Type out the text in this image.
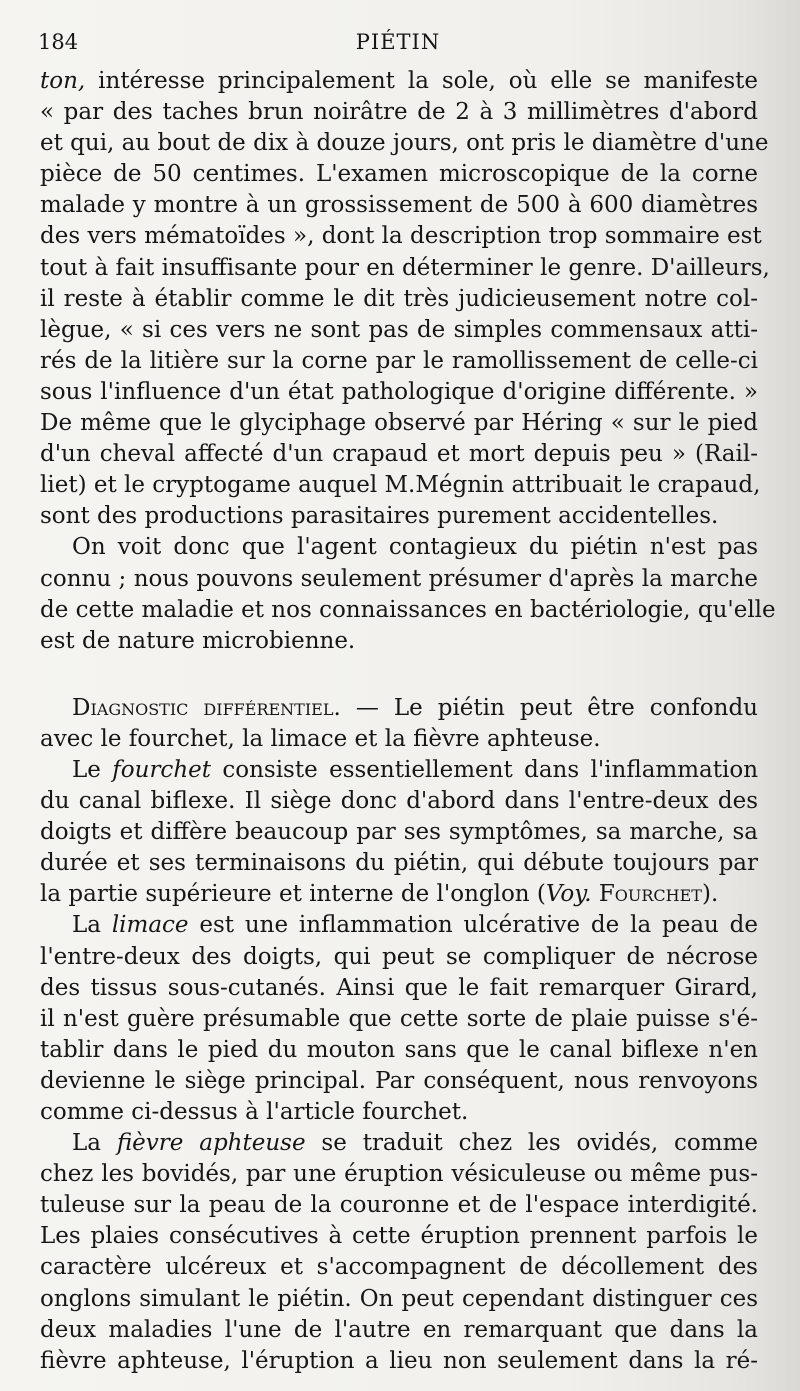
184	PIÉTIN
ton, intéresse principalement la sole, où elle se manifeste
« par des taches brun noirâtre de 2 à 3 millimètres d'abord
et qui, au bout de dix à douze jours, ont pris le diamètre d'une
pièce de 50 centimes. L'examen microscopique de la corne
malade y montre à un grossissement de 500 à 600 diamètres
des vers mématoïdes », dont la description trop sommaire est
tout à fait insuffisante pour en déterminer le genre. D'ailleurs,
il reste à établir comme le dit très judicieusement notre col-
lègue, « si ces vers ne sont pas de simples commensaux atti-
rés de la litière sur la corne par le ramollissement de celle-ci
sous l'influence d'un état pathologique d'origine différente. »
De même que le glyciphage observé par Héring « sur le pied
d'un cheval affecté d'un crapaud et mort depuis peu » (Rail-
liet) et le cryptogame auquel M.Mégnin attribuait le crapaud,
sont des productions parasitaires purement accidentelles.
On voit donc que l'agent contagieux du piétin n'est pas
connu ; nous pouvons seulement présumer d'après la marche
de cette maladie et nos connaissances en bactériologie, qu'elle
est de nature microbienne.
Diagnostic différentiel. — Le piétin peut être confondu
avec le fourchet, la limace et la fièvre aphteuse.
Le fourchet consiste essentiellement dans l'inflammation
du canal biflexe. Il siège donc d'abord dans l'entre-deux des
doigts et diffère beaucoup par ses symptômes, sa marche, sa
durée et ses terminaisons du piétin, qui débute toujours par
la partie supérieure et interne de l'onglon (Voy. Fourchet).
La limace est une inflammation ulcérative de la peau de
l'entre-deux des doigts, qui peut se compliquer de nécrose
des tissus sous-cutanés. Ainsi que le fait remarquer Girard,
il n'est guère présumable que cette sorte de plaie puisse s'é-
tablir dans le pied du mouton sans que le canal biflexe n'en
devienne le siège principal. Par conséquent, nous renvoyons
comme ci-dessus à l'article fourchet.
La fièvre aphteuse se traduit chez les ovidés, comme
chez les bovidés, par une éruption vésiculeuse ou même pus-
tuleuse sur la peau de la couronne et de l'espace interdigité.
Les plaies consécutives à cette éruption prennent parfois le
caractère ulcéreux et s'accompagnent de décollement des
onglons simulant le piétin. On peut cependant distinguer ces
deux maladies l'une de l'autre en remarquant que dans la
fièvre aphteuse, l'éruption a lieu non seulement dans la ré-
